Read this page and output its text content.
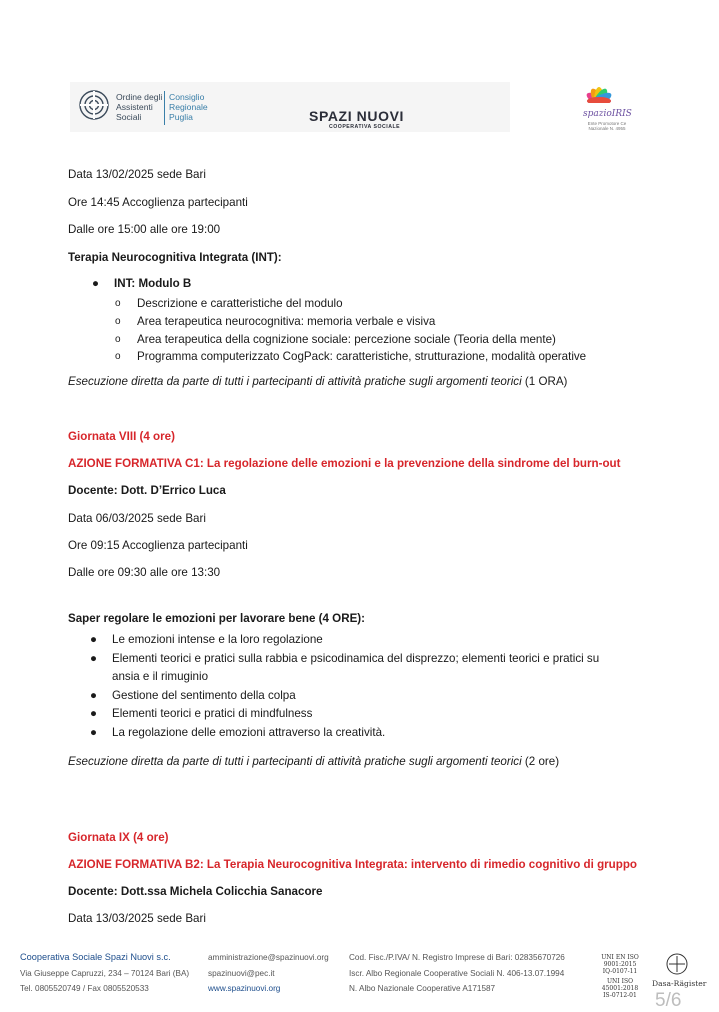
Ordine degli
Assistenti
Sociali
Consiglio
Regionale
Puglia	SPAZI NUOVI
COOPERATIVA SOCIALE
spazioIRIS
Ente Promotore Ce
Nazionale N. 4955
Data 13/02/2025 sede Bari
Ore 14:45 Accoglienza partecipanti
Dalle ore 15:00 alle ore 19:00
Terapia Neurocognitiva Integrata (INT):
● INT: Modulo B
o Descrizione e caratteristiche del modulo
o Area terapeutica neurocognitiva: memoria verbale e visiva
o Area terapeutica della cognizione sociale: percezione sociale (Teoria della mente)
o Programma computerizzato CogPack: caratteristiche, strutturazione, modalità operative
Esecuzione diretta da parte di tutti i partecipanti di attività pratiche sugli argomenti teorici (1 ORA)
Giornata VIII (4 ore)
AZIONE FORMATIVA C1: La regolazione delle emozioni e la prevenzione della sindrome del burn-out
Docente: Dott. D’Errico Luca
Data 06/03/2025 sede Bari
Ore 09:15 Accoglienza partecipanti
Dalle ore 09:30 alle ore 13:30
Saper regolare le emozioni per lavorare bene (4 ORE):
● Le emozioni intense e la loro regolazione
● Elementi teorici e pratici sulla rabbia e psicodinamica del disprezzo; elementi teorici e pratici su
ansia e il rimuginio
● Gestione del sentimento della colpa
● Elementi teorici e pratici di mindfulness
● La regolazione delle emozioni attraverso la creatività.
Esecuzione diretta da parte di tutti i partecipanti di attività pratiche sugli argomenti teorici (2 ore)
Giornata IX (4 ore)
AZIONE FORMATIVA B2: La Terapia Neurocognitiva Integrata: intervento di rimedio cognitivo di gruppo
Docente: Dott.ssa Michela Colicchia Sanacore
Data 13/03/2025 sede Bari
Cooperativa Sociale Spazi Nuovi s.c.
Via Giuseppe Capruzzi, 234 – 70124 Bari (BA)
Tel. 0805520749 / Fax 0805520533
amministrazione@spazinuovi.org
spazinuovi@pec.it
www.spazinuovi.org
Cod. Fisc./P.IVA/ N. Registro Imprese di Bari: 02835670726
Iscr. Albo Regionale Cooperative Sociali N. 406-13.07.1994
N. Albo Nazionale Cooperative A171587
UNI EN ISO 9001:2015
IQ-0107-11
UNI ISO 45001:2018
IS-0712-01
Dasa-Rägister
5/6
